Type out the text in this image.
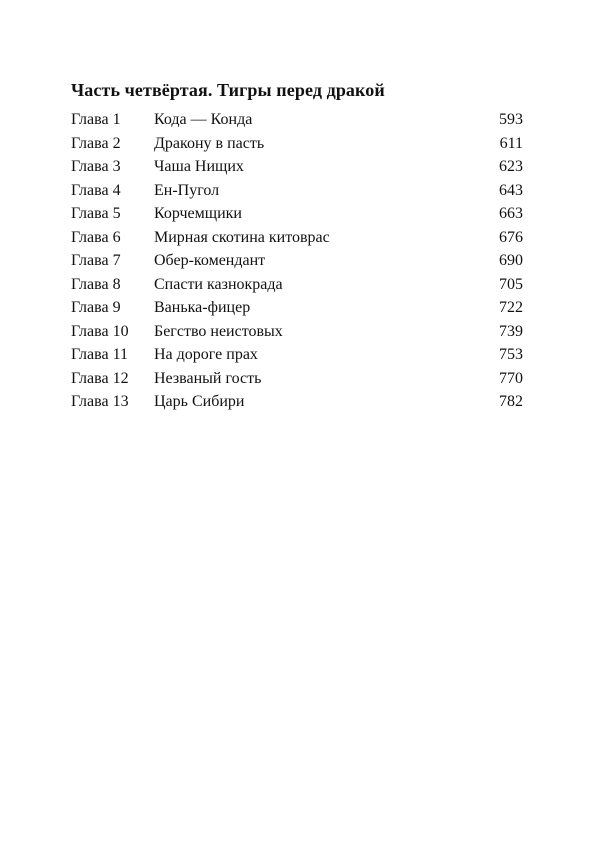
Часть четвёртая. Тигры перед дракой
Глава 1 Кода — Конда	593
Глава 2 Дракону в пасть	611
Глава 3 Чаша Нищих	623
Глава 4 Ен-Пугол	643
Глава 5 Корчемщики	663
Глава 6 Мирная скотина китоврас	676
Глава 7 Обер-комендант	690
Глава 8 Спасти казнокрада	705
Глава 9 Ванька-фицер	722
Глава 10 Бегство неистовых	739
Глава 11 На дороге прах	753
Глава 12 Незваный гость	770
Глава 13 Царь Сибири	782
